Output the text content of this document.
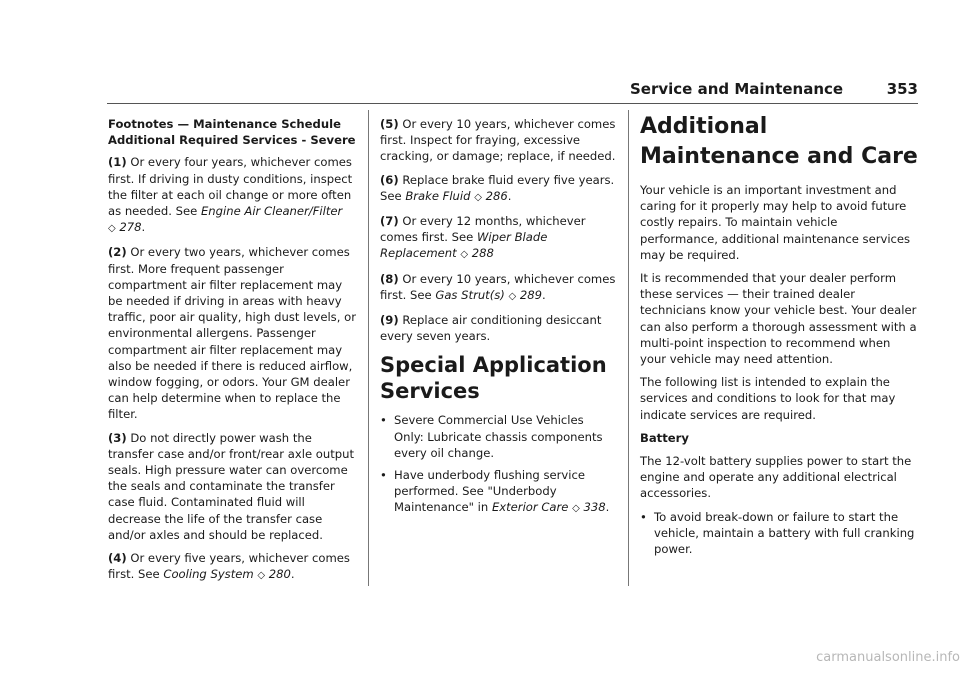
Service and Maintenance	353

Footnotes — Maintenance Schedule Additional Required Services - Severe

(1) Or every four years, whichever comes first. If driving in dusty conditions, inspect the filter at each oil change or more often as needed. See Engine Air Cleaner/Filter
◇ 278.

(2) Or every two years, whichever comes first. More frequent passenger compartment air filter replacement may be needed if driving in areas with heavy traffic, poor air quality, high dust levels, or environmental allergens. Passenger compartment air filter replacement may also be needed if there is reduced airflow, window fogging, or odors. Your GM dealer can help determine when to replace the filter.

(3) Do not directly power wash the transfer case and/or front/rear axle output seals. High pressure water can overcome the seals and contaminate the transfer case fluid. Contaminated fluid will decrease the life of the transfer case and/or axles and should be replaced.

(4) Or every five years, whichever comes first. See Cooling System ◇ 280.

(5) Or every 10 years, whichever comes first. Inspect for fraying, excessive cracking, or damage; replace, if needed.

(6) Replace brake fluid every five years. See Brake Fluid ◇ 286.

(7) Or every 12 months, whichever comes first. See Wiper Blade Replacement ◇ 288

(8) Or every 10 years, whichever comes first. See Gas Strut(s) ◇ 289.

(9) Replace air conditioning desiccant every seven years.

Special Application Services
• Severe Commercial Use Vehicles Only: Lubricate chassis components every oil change.
• Have underbody flushing service performed. See "Underbody Maintenance" in Exterior Care ◇ 338.
Additional Maintenance and Care

Your vehicle is an important investment and caring for it properly may help to avoid future costly repairs. To maintain vehicle performance, additional maintenance services may be required.

It is recommended that your dealer perform these services — their trained dealer technicians know your vehicle best. Your dealer can also perform a thorough assessment with a multi-point inspection to recommend when your vehicle may need attention.

The following list is intended to explain the services and conditions to look for that may indicate services are required.

Battery

The 12-volt battery supplies power to start the engine and operate any additional electrical accessories.

• To avoid break-down or failure to start the vehicle, maintain a battery with full cranking power.
carmanualsonline.info
